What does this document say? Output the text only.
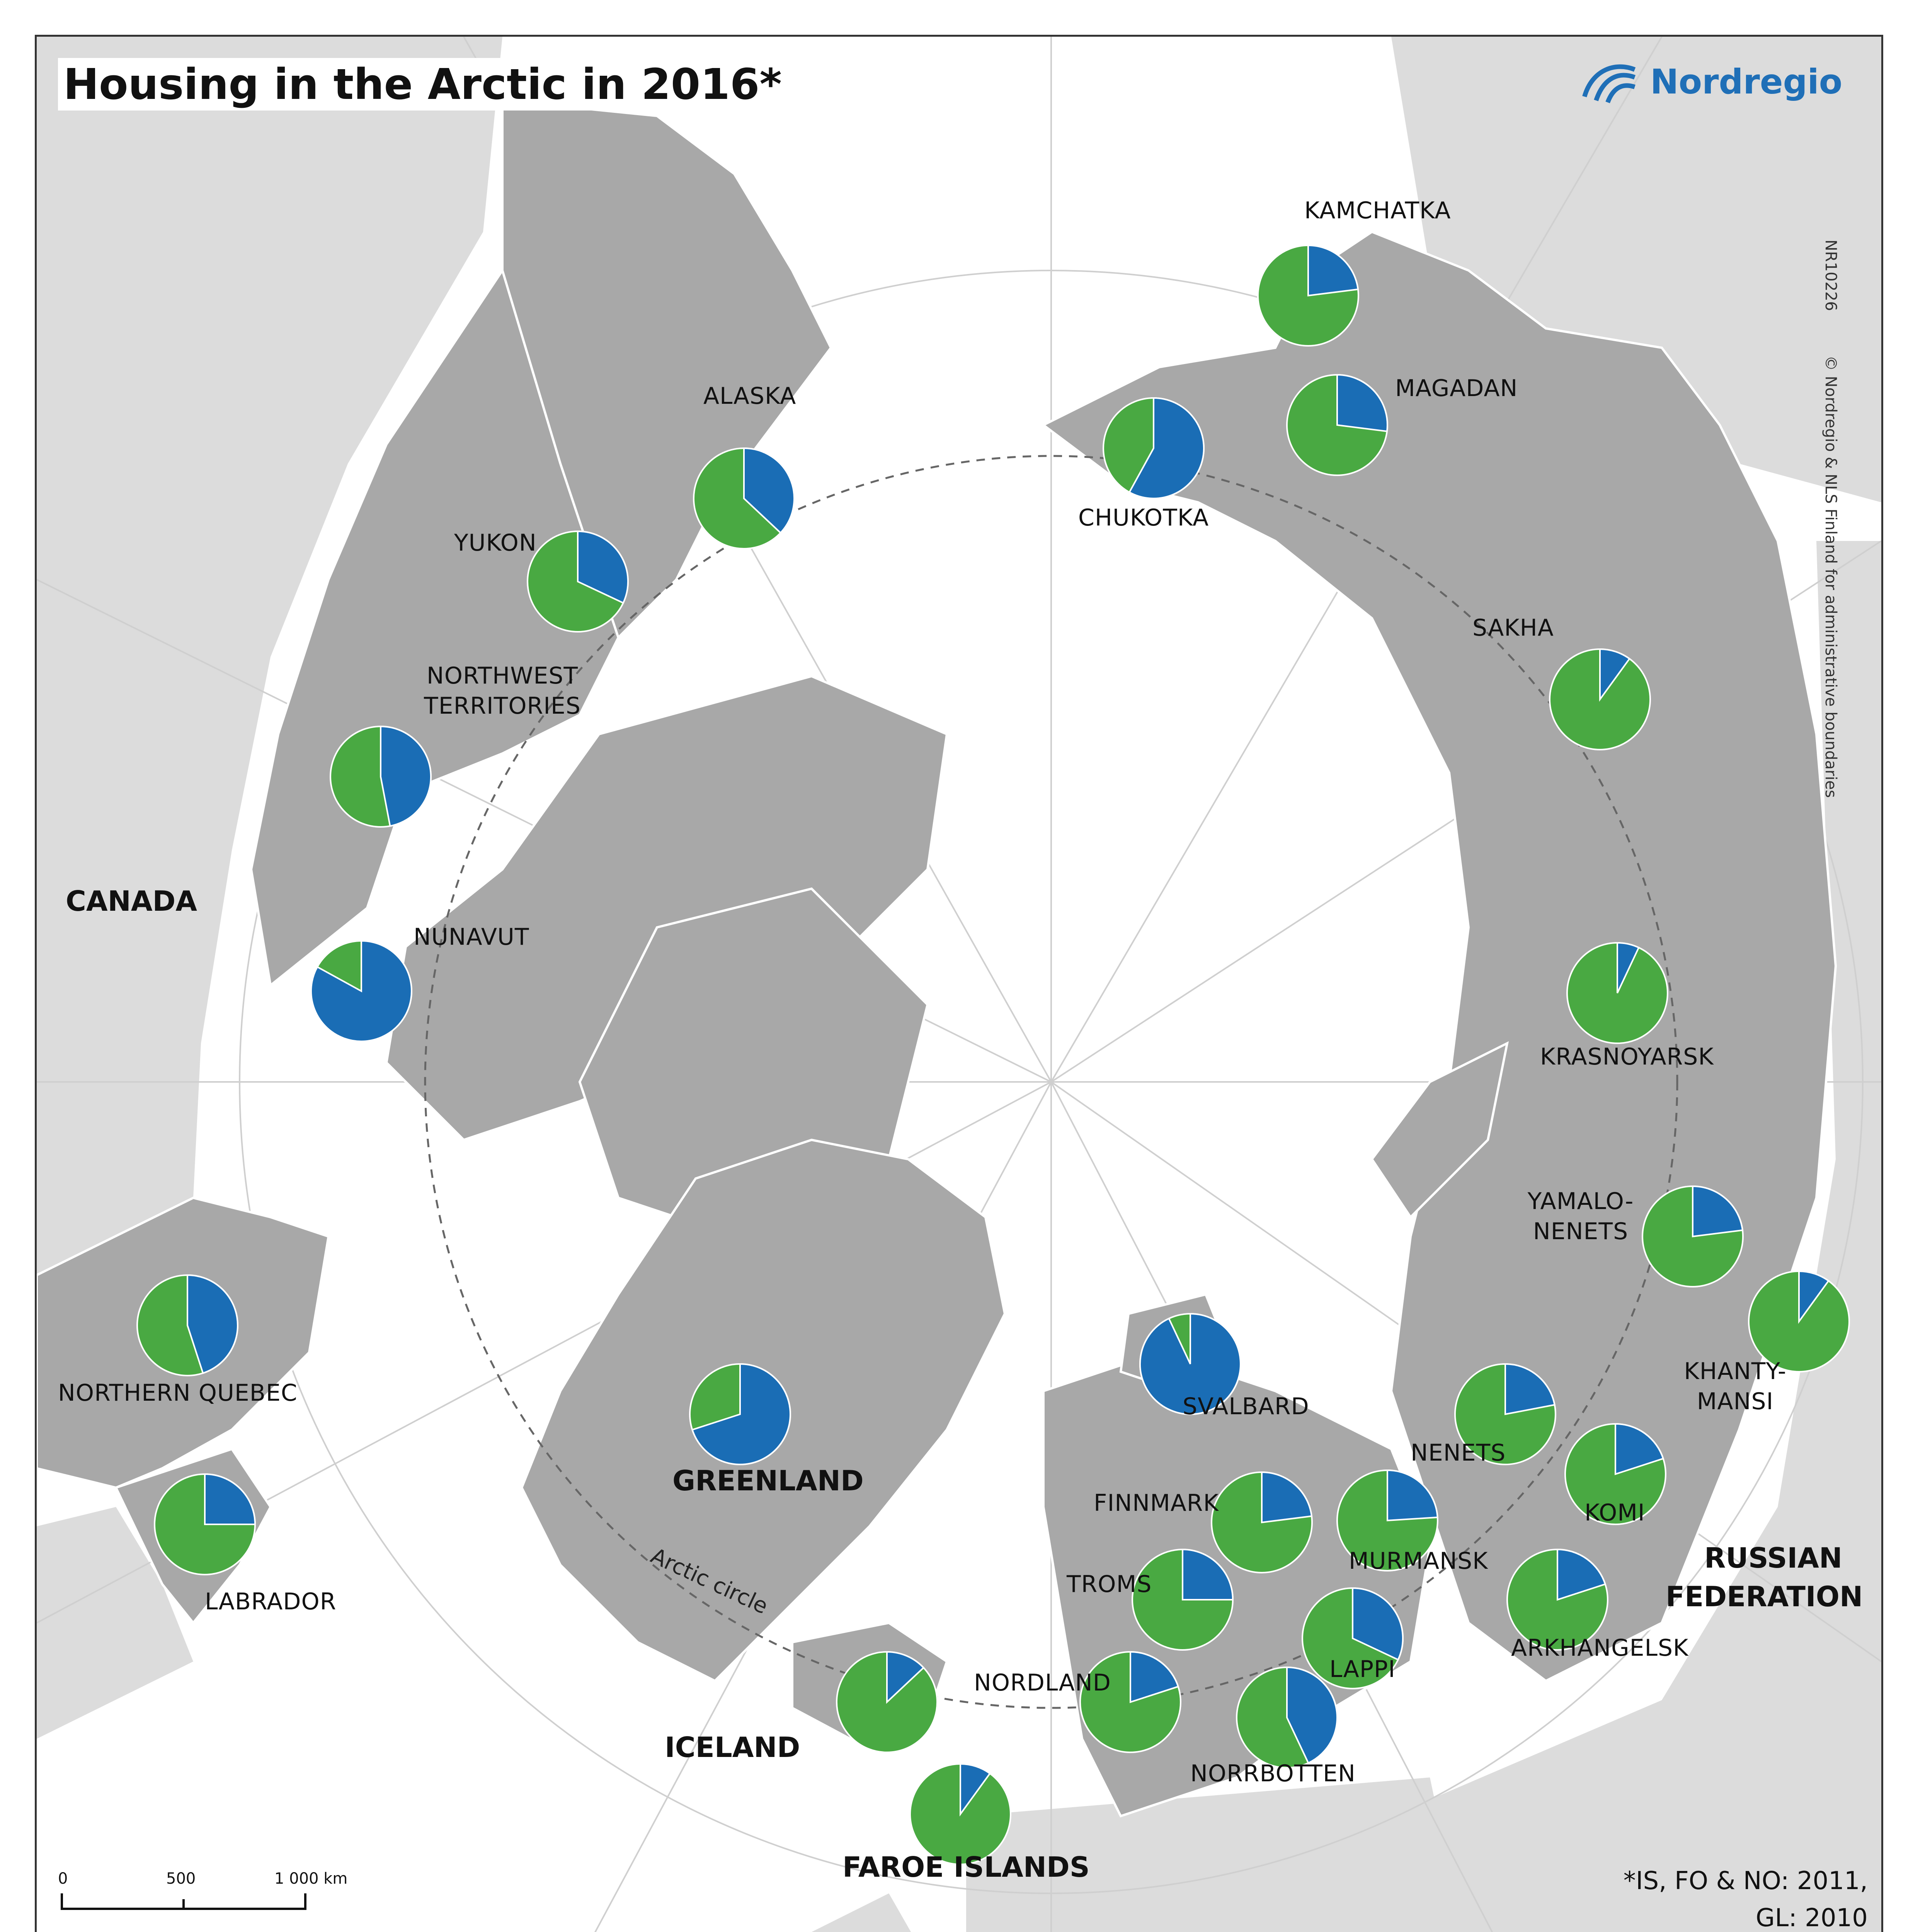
Arctic circle
Housing in the Arctic in 2016*	Nordregio
NR10226
© Nordregio & NLS Finland for administrative boundaries
CANADA
GREENLAND
ICELAND
FAROE ISLANDS
RUSSIAN
FEDERATION
KAMCHATKA
MAGADAN
CHUKOTKA
ALASKA
YUKON
NORTHWEST TERRITORIES
SAKHA
NUNAVUT
KRASNOYARSK
YAMALO-NENETS
KHANTY-MANSI
NORTHERN QUEBEC	SVALBARD
NENETS
FINNMARK
MURMANSK
KOMI
LABRADOR
TROMS
ARKHANGELSK
LAPPI
NORDLAND
NORRBOTTEN
0	500	1 000 km	*IS, FO & NO: 2011,
GL: 2010
